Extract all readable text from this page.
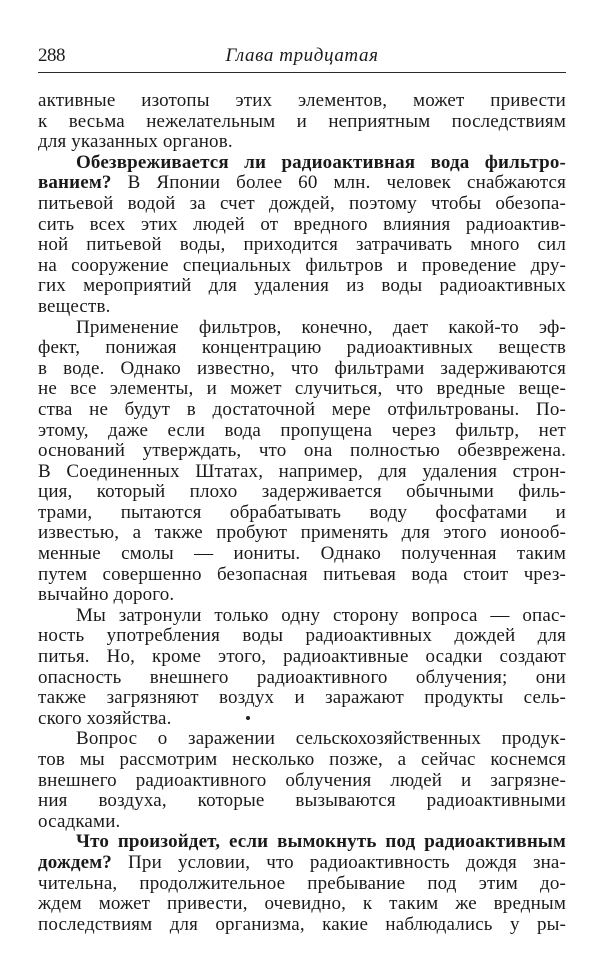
288	Глава тридцатая
активные изотопы этих элементов, может привести
к весьма нежелательным и неприятным последствиям
для указанных органов.
Обезвреживается ли радиоактивная вода фильтро-
ванием? В Японии более 60 млн. человек снабжаются
питьевой водой за счет дождей, поэтому чтобы обезопа-
сить всех этих людей от вредного влияния радиоактив-
ной питьевой воды, приходится затрачивать много сил
на сооружение специальных фильтров и проведение дру-
гих мероприятий для удаления из воды радиоактивных
веществ.
Применение фильтров, конечно, дает какой-то эф-
фект, понижая концентрацию радиоактивных веществ
в воде. Однако известно, что фильтрами задерживаются
не все элементы, и может случиться, что вредные веще-
ства не будут в достаточной мере отфильтрованы. По-
этому, даже если вода пропущена через фильтр, нет
оснований утверждать, что она полностью обезврежена.
В Соединенных Штатах, например, для удаления строн-
ция, который плохо задерживается обычными филь-
трами, пытаются обрабатывать воду фосфатами и
известью, а также пробуют применять для этого ионооб-
менные смолы — иониты. Однако полученная таким
путем совершенно безопасная питьевая вода стоит чрез-
вычайно дорого.
Мы затронули только одну сторону вопроса — опас-
ность употребления воды радиоактивных дождей для
питья. Но, кроме этого, радиоактивные осадки создают
опасность внешнего радиоактивного облучения; они
также загрязняют воздух и заражают продукты сель-
ского хозяйства.
Вопрос о заражении сельскохозяйственных продук-
тов мы рассмотрим несколько позже, а сейчас коснемся
внешнего радиоактивного облучения людей и загрязне-
ния воздуха, которые вызываются радиоактивными
осадками.
Что произойдет, если вымокнуть под радиоактивным
дождем? При условии, что радиоактивность дождя зна-
чительна, продолжительное пребывание под этим до-
ждем может привести, очевидно, к таким же вредным
последствиям для организма, какие наблюдались у ры-
